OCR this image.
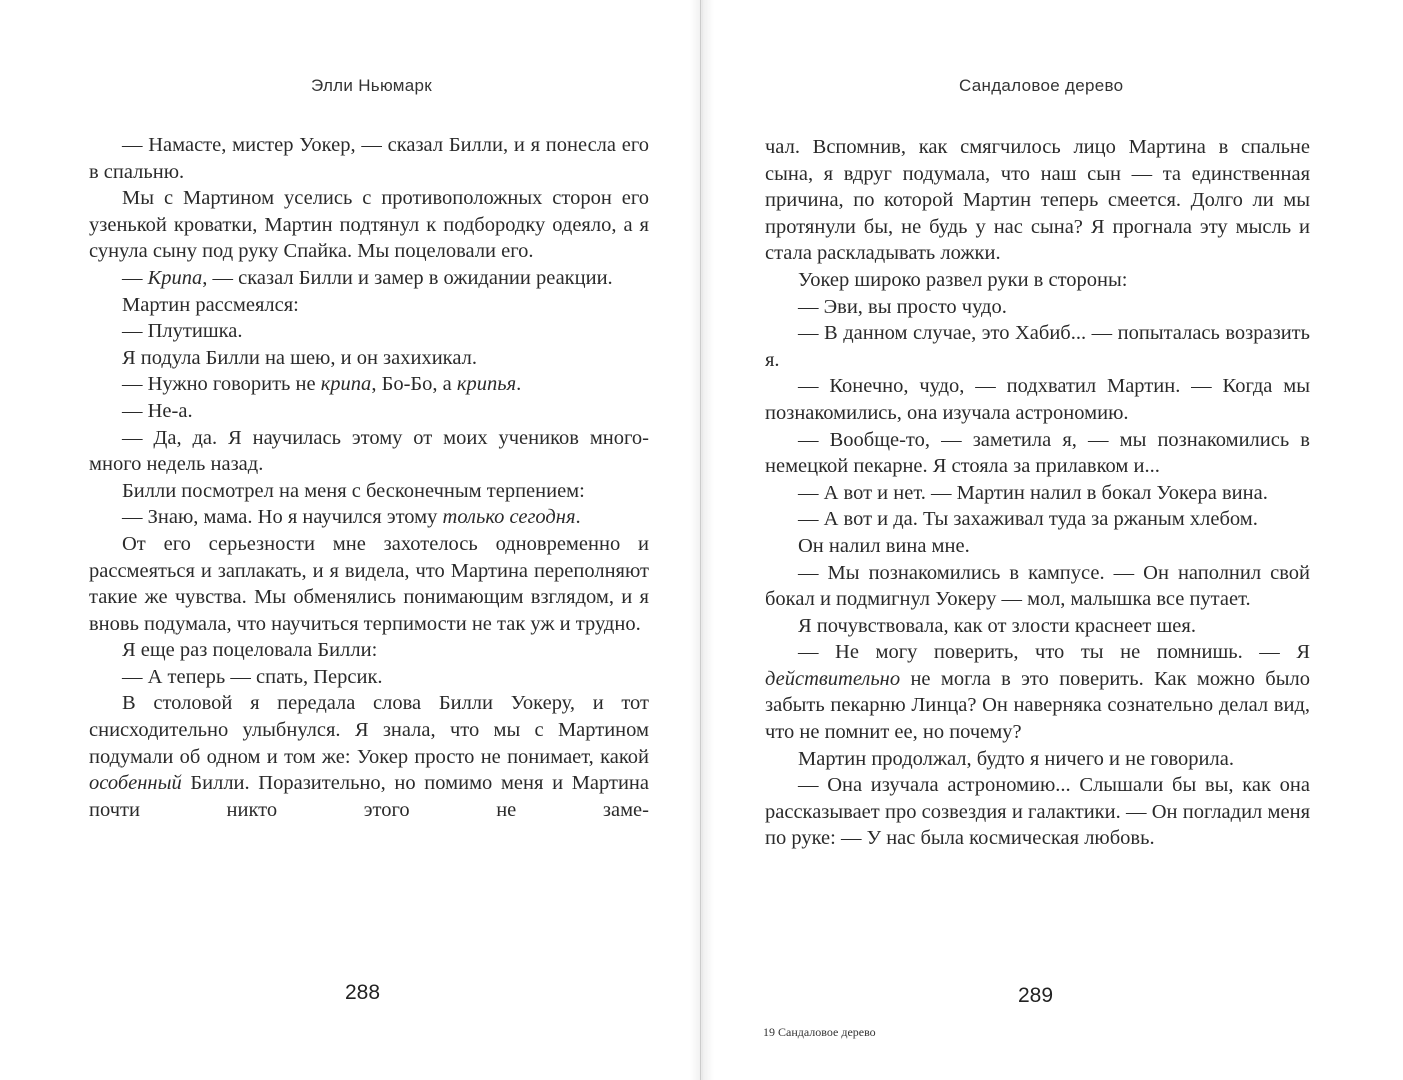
Элли Ньюмарк

— Намасте, мистер Уокер, — сказал Билли, и я понесла его в спальню.

Мы с Мартином уселись с противоположных сторон его узенькой кроватки, Мартин подтянул к подбородку одеяло, а я сунула сыну под руку Спайка. Мы поцеловали его.

— Крипа, — сказал Билли и замер в ожидании реакции.

Мартин рассмеялся:

— Плутишка.

Я подула Билли на шею, и он захихикал.

— Нужно говорить не крипа, Бо-Бо, а крипья.

— Не-а.

— Да, да. Я научилась этому от моих учеников много-много недель назад.

Билли посмотрел на меня с бесконечным терпением:

— Знаю, мама. Но я научился этому только сегодня.

От его серьезности мне захотелось одновременно и рассмеяться и заплакать, и я видела, что Мартина переполняют такие же чувства. Мы обменялись понимающим взглядом, и я вновь подумала, что научиться терпимости не так уж и трудно.

Я еще раз поцеловала Билли:

— А теперь — спать, Персик.

В столовой я передала слова Билли Уокеру, и тот снисходительно улыбнулся. Я знала, что мы с Мартином подумали об одном и том же: Уокер просто не понимает, какой особенный Билли. Поразительно, но помимо меня и Мартина почти никто этого не заме-

288
Сандаловое дерево

чал. Вспомнив, как смягчилось лицо Мартина в спальне сына, я вдруг подумала, что наш сын — та единственная причина, по которой Мартин теперь смеется. Долго ли мы протянули бы, не будь у нас сына? Я прогнала эту мысль и стала раскладывать ложки.

Уокер широко развел руки в стороны:

— Эви, вы просто чудо.

— В данном случае, это Хабиб... — попыталась возразить я.

— Конечно, чудо, — подхватил Мартин. — Когда мы познакомились, она изучала астрономию.

— Вообще-то, — заметила я, — мы познакомились в немецкой пекарне. Я стояла за прилавком и...

— А вот и нет. — Мартин налил в бокал Уокера вина.

— А вот и да. Ты захаживал туда за ржаным хлебом.

Он налил вина мне.

— Мы познакомились в кампусе. — Он наполнил свой бокал и подмигнул Уокеру — мол, малышка все путает.

Я почувствовала, как от злости краснеет шея.

— Не могу поверить, что ты не помнишь. — Я действительно не могла в это поверить. Как можно было забыть пекарню Линца? Он наверняка сознательно делал вид, что не помнит ее, но почему?

Мартин продолжал, будто я ничего и не говорила.

— Она изучала астрономию... Слышали бы вы, как она рассказывает про созвездия и галактики. — Он погладил меня по руке: — У нас была космическая любовь.

289
19 Сандаловое дерево
